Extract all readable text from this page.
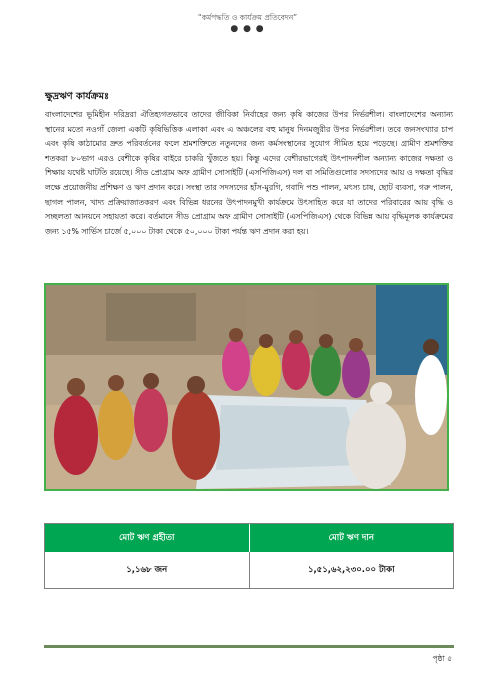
“কর্মপদ্ধতি ও কার্যক্রম প্রতিবেদন”
● ● ●
ক্ষুদ্রঋণ কার্যক্রমঃ
বাংলাদেশের ভূমিহীন দরিদ্ররা ঐতিহ্যগতভাবে তাদের জীবিকা নির্বাহের জন্য কৃষি কাজের উপর নির্ভরশীল। বাংলাদেশের অন্যান্য স্থানের মতো নওগাঁ জেলা একটি কৃষিভিত্তিক এলাকা এবং এ অঞ্চলের বহু মানুষ দিনমজুরীর উপর নির্ভরশীল। তবে জনসংখ্যার চাপ এবং কৃষি কাঠামোর দ্রুত পরিবর্তনের ফলে শ্রমশক্তিতে নতুনদের জন্য কর্মসংস্থানের সুযোগ সীমিত হয়ে পড়েছে। গ্রামীণ শ্রমশক্তির শতকরা ৮০ভাগ এরও বেশীকে কৃষির বাইরে চাকরি খুঁজতে হয়। কিন্তু এদের বেশীরভাগেরই উৎপাদনশীল অন্যান্য কাজের দক্ষতা ও শিক্ষায় যথেষ্ট ঘাটতি রয়েছে। সীড প্রোগ্রাম অফ গ্রামীণ সোসাইটি (এসপিজিএস) দল বা সমিতিগুলোর সদস্যদের আয় ও দক্ষতা বৃদ্ধির লক্ষে প্রয়োজনীয় প্রশিক্ষণ ও ঋণ প্রদান করে। সংস্থা তার সদস্যদের হাঁস-মুরগি, গবাদি পশু পালন, মৎস্য চাষ, ছোট ব্যবসা, গরু পালন, ছাগল পালন, খাদ্য প্রক্রিয়াজাতকরণ এবং বিভিন্ন ধরনের উৎপাদনমুখী কার্যক্রমে উৎসাহিত করে যা তাদের পরিবারের আয় বৃদ্ধি ও সচ্ছলতা আনয়নে সহায়তা করে। বর্তমানে সীড প্রোগ্রাম অফ গ্রামীণ সোসাইটি (এসপিজিএস) থেকে বিভিন্ন আয় বৃদ্ধিমূলক কার্যক্রমের জন্য ১৫% সার্ভিস চার্জে ৫,০০০ টাকা থেকে ৫০,০০০ টাকা পর্যন্ত ঋণ প্রদান করা হয়।
মোট ঋণ গ্রহীতা	মোট ঋণ দান
১,১৬৮ জন	১,৫১,৬২,২৩০.০০ টাকা
পৃষ্ঠা ৫
